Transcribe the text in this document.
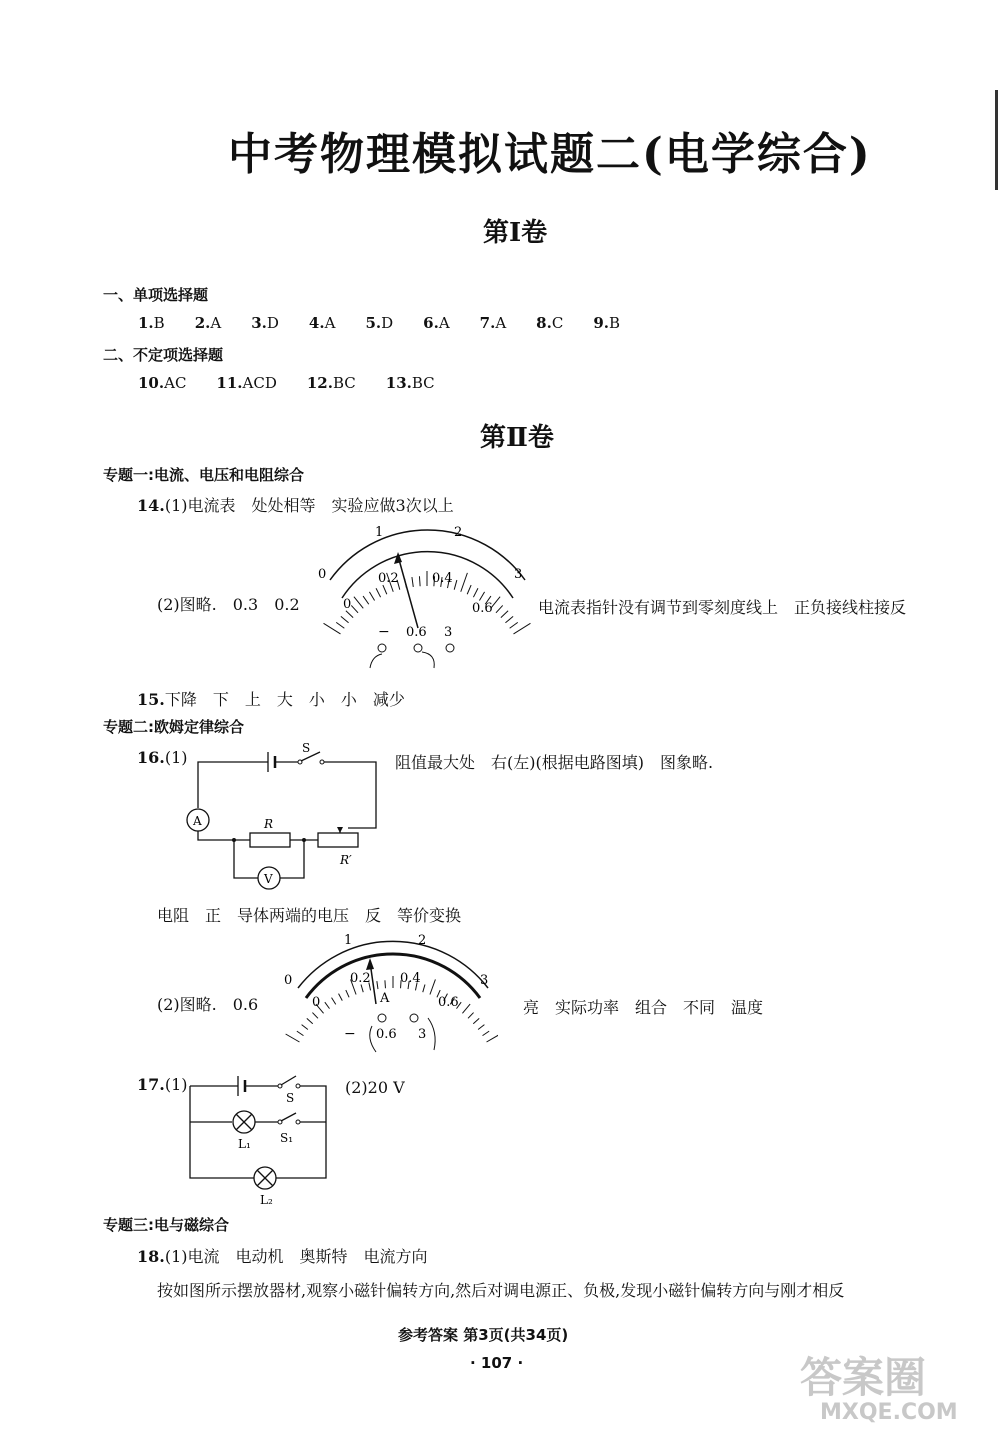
中考物理模拟试题二(电学综合)
第Ⅰ卷
一、单项选择题
1.B 2.A 3.D 4.A 5.D 6.A 7.A 8.C 9.B
二、不定项选择题
10.AC 11.ACD 12.BC 13.BC
第Ⅱ卷
专题一:电流、电压和电阻综合
14.(1)电流表　处处相等　实验应做3次以上
0
1	2
3
0
0.2	0.4
0.6
− 0.6 3
(2)图略.　0.3　0.2	电流表指针没有调节到零刻度线上　正负接线柱接反
15.下降　下　上　大　小　小　减少
专题二:欧姆定律综合
16.(1)	阻值最大处　右(左)(根据电路图填)　图象略.
S
A	R
R′
V
电阻　正　导体两端的电压　反　等价变换
A
0
1	2
3
0
0.2 0.4
0.6
− 0.6 3
(2)图略.　0.6	亮　实际功率　组合　不同　温度
17.(1)	(2)20 V
S
L₁ S₁
L₂
专题三:电与磁综合
18.(1)电流　电动机　奥斯特　电流方向
按如图所示摆放器材,观察小磁针偏转方向,然后对调电源正、负极,发现小磁针偏转方向与刚才相反
参考答案 第3页(共34页)
· 107 ·	答案圈
MXQE.COM
